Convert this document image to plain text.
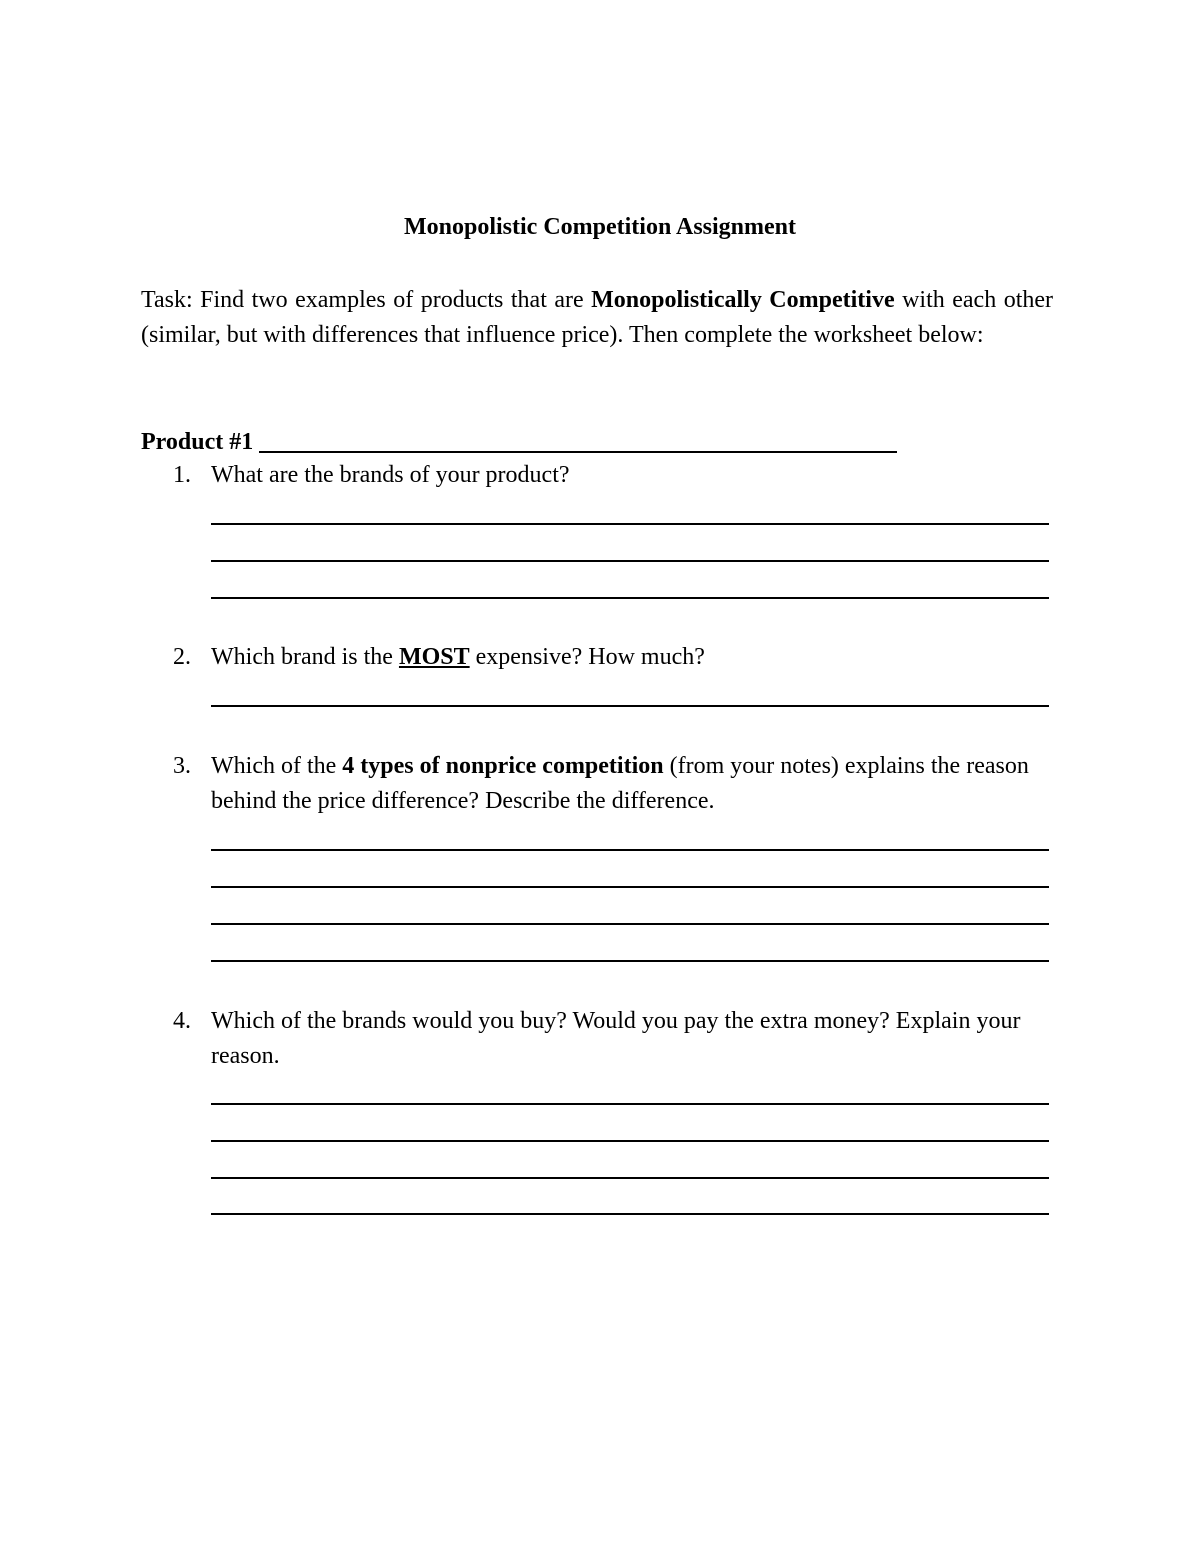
Monopolistic Competition Assignment
Task: Find two examples of products that are Monopolistically Competitive with each other (similar, but with differences that influence price). Then complete the worksheet below:
Product #1
1. What are the brands of your product?
2. Which brand is the MOST expensive? How much?
3. Which of the 4 types of nonprice competition (from your notes) explains the reason behind the price difference? Describe the difference.
4. Which of the brands would you buy? Would you pay the extra money? Explain your reason.
